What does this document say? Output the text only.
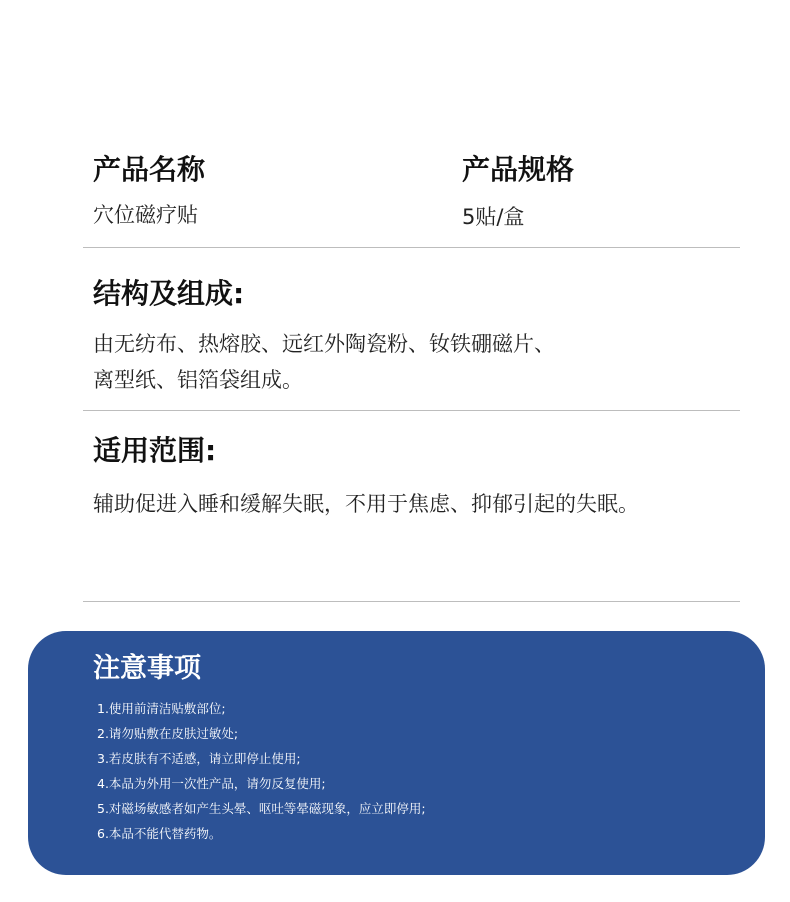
产品名称
穴位磁疗贴
产品规格
5贴/盒
结构及组成:
由无纺布、热熔胶、远红外陶瓷粉、钕铁硼磁片、
离型纸、铝箔袋组成。
适用范围:
辅助促进入睡和缓解失眠，不用于焦虑、抑郁引起的失眠。
注意事项
1.使用前清洁贴敷部位;
2.请勿贴敷在皮肤过敏处;
3.若皮肤有不适感，请立即停止使用;
4.本品为外用一次性产品，请勿反复使用;
5.对磁场敏感者如产生头晕、呕吐等晕磁现象，应立即停用;
6.本品不能代替药物。
